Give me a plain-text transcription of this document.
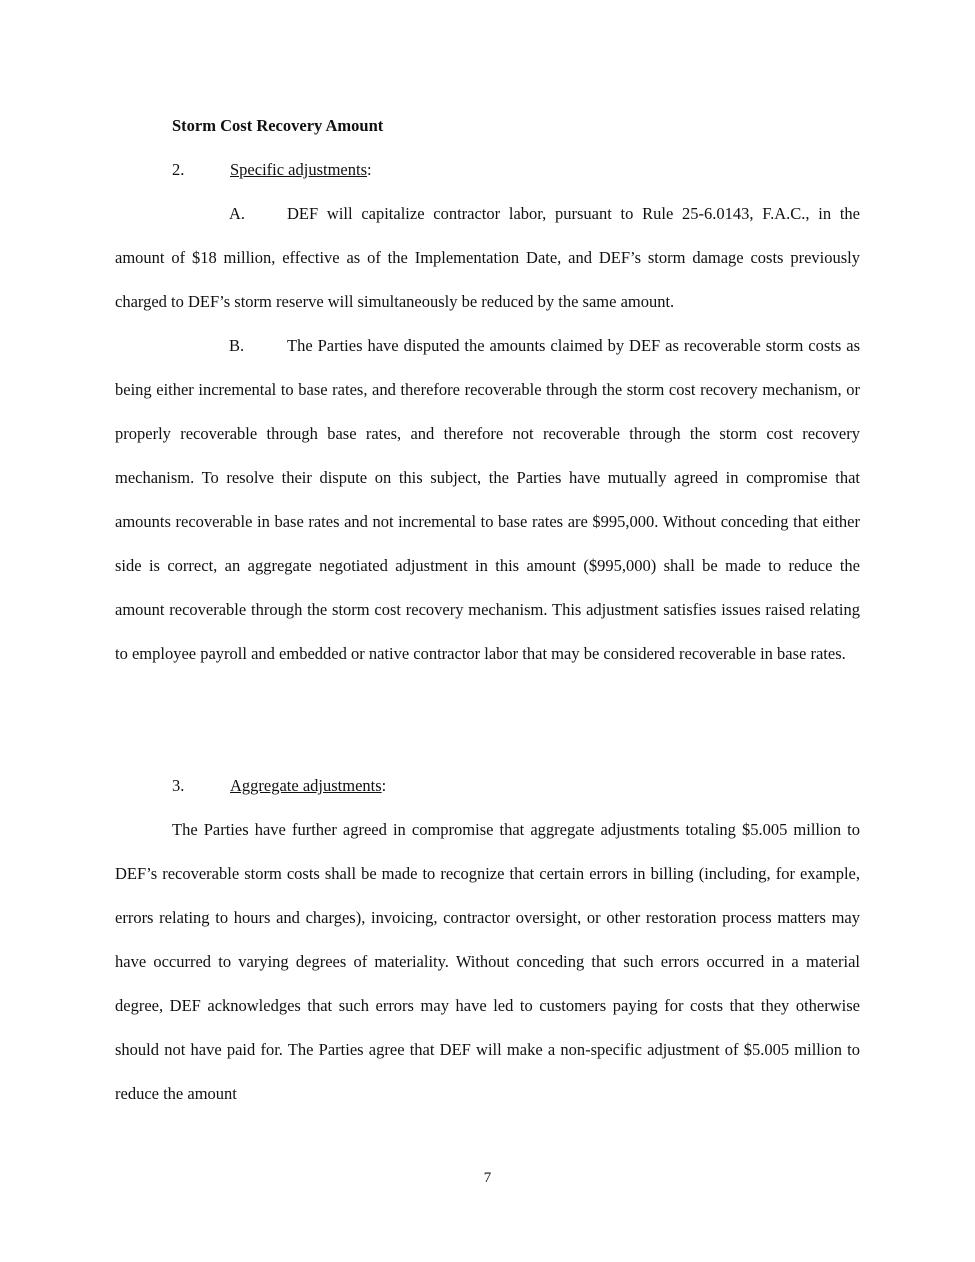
Storm Cost Recovery Amount
2.	Specific adjustments:
A.	DEF will capitalize contractor labor, pursuant to Rule 25-6.0143, F.A.C., in the amount of $18 million, effective as of the Implementation Date, and DEF’s storm damage costs previously charged to DEF’s storm reserve will simultaneously be reduced by the same amount.
B.	The Parties have disputed the amounts claimed by DEF as recoverable storm costs as being either incremental to base rates, and therefore recoverable through the storm cost recovery mechanism, or properly recoverable through base rates, and therefore not recoverable through the storm cost recovery mechanism. To resolve their dispute on this subject, the Parties have mutually agreed in compromise that amounts recoverable in base rates and not incremental to base rates are $995,000. Without conceding that either side is correct, an aggregate negotiated adjustment in this amount ($995,000) shall be made to reduce the amount recoverable through the storm cost recovery mechanism. This adjustment satisfies issues raised relating to employee payroll and embedded or native contractor labor that may be considered recoverable in base rates.
3.	Aggregate adjustments:
The Parties have further agreed in compromise that aggregate adjustments totaling $5.005 million to DEF’s recoverable storm costs shall be made to recognize that certain errors in billing (including, for example, errors relating to hours and charges), invoicing, contractor oversight, or other restoration process matters may have occurred to varying degrees of materiality. Without conceding that such errors occurred in a material degree, DEF acknowledges that such errors may have led to customers paying for costs that they otherwise should not have paid for. The Parties agree that DEF will make a non-specific adjustment of $5.005 million to reduce the amount
7
